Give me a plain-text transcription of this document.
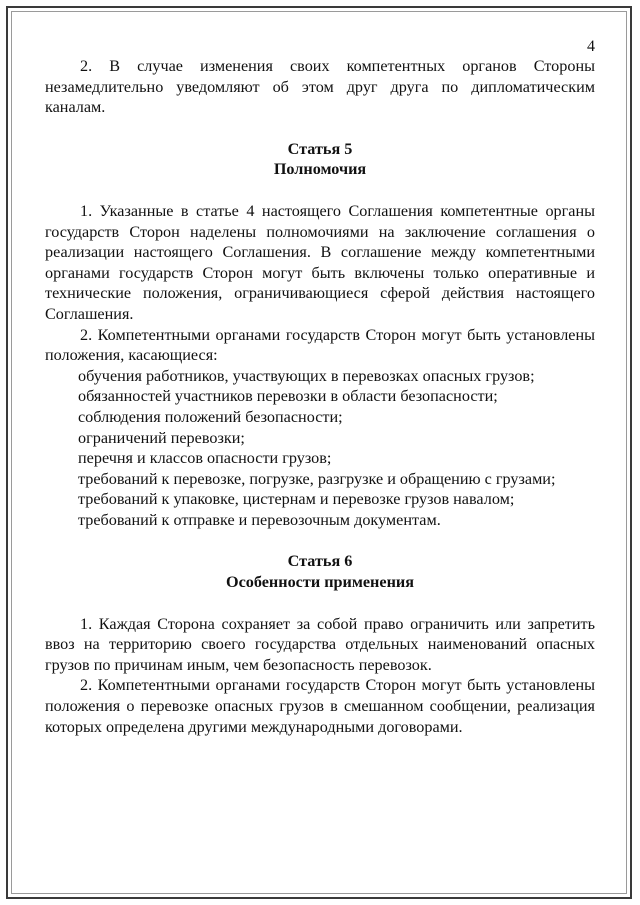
4

2. В случае изменения своих компетентных органов Стороны незамедлительно уведомляют об этом друг друга по дипломатическим каналам.

Статья 5
Полномочия

1. Указанные в статье 4 настоящего Соглашения компетентные органы государств Сторон наделены полномочиями на заключение соглашения о реализации настоящего Соглашения. В соглашение между компетентными органами государств Сторон могут быть включены только оперативные и технические положения, ограничивающиеся сферой действия настоящего Соглашения.

2. Компетентными органами государств Сторон могут быть установлены положения, касающиеся:

обучения работников, участвующих в перевозках опасных грузов;
обязанностей участников перевозки в области безопасности;
соблюдения положений безопасности;
ограничений перевозки;
перечня и классов опасности грузов;
требований к перевозке, погрузке, разгрузке и обращению с грузами;
требований к упаковке, цистернам и перевозке грузов навалом;
требований к отправке и перевозочным документам.
Статья 6
Особенности применения

1. Каждая Сторона сохраняет за собой право ограничить или запретить ввоз на территорию своего государства отдельных наименований опасных грузов по причинам иным, чем безопасность перевозок.

2. Компетентными органами государств Сторон могут быть установлены положения о перевозке опасных грузов в смешанном сообщении, реализация которых определена другими международными договорами.
